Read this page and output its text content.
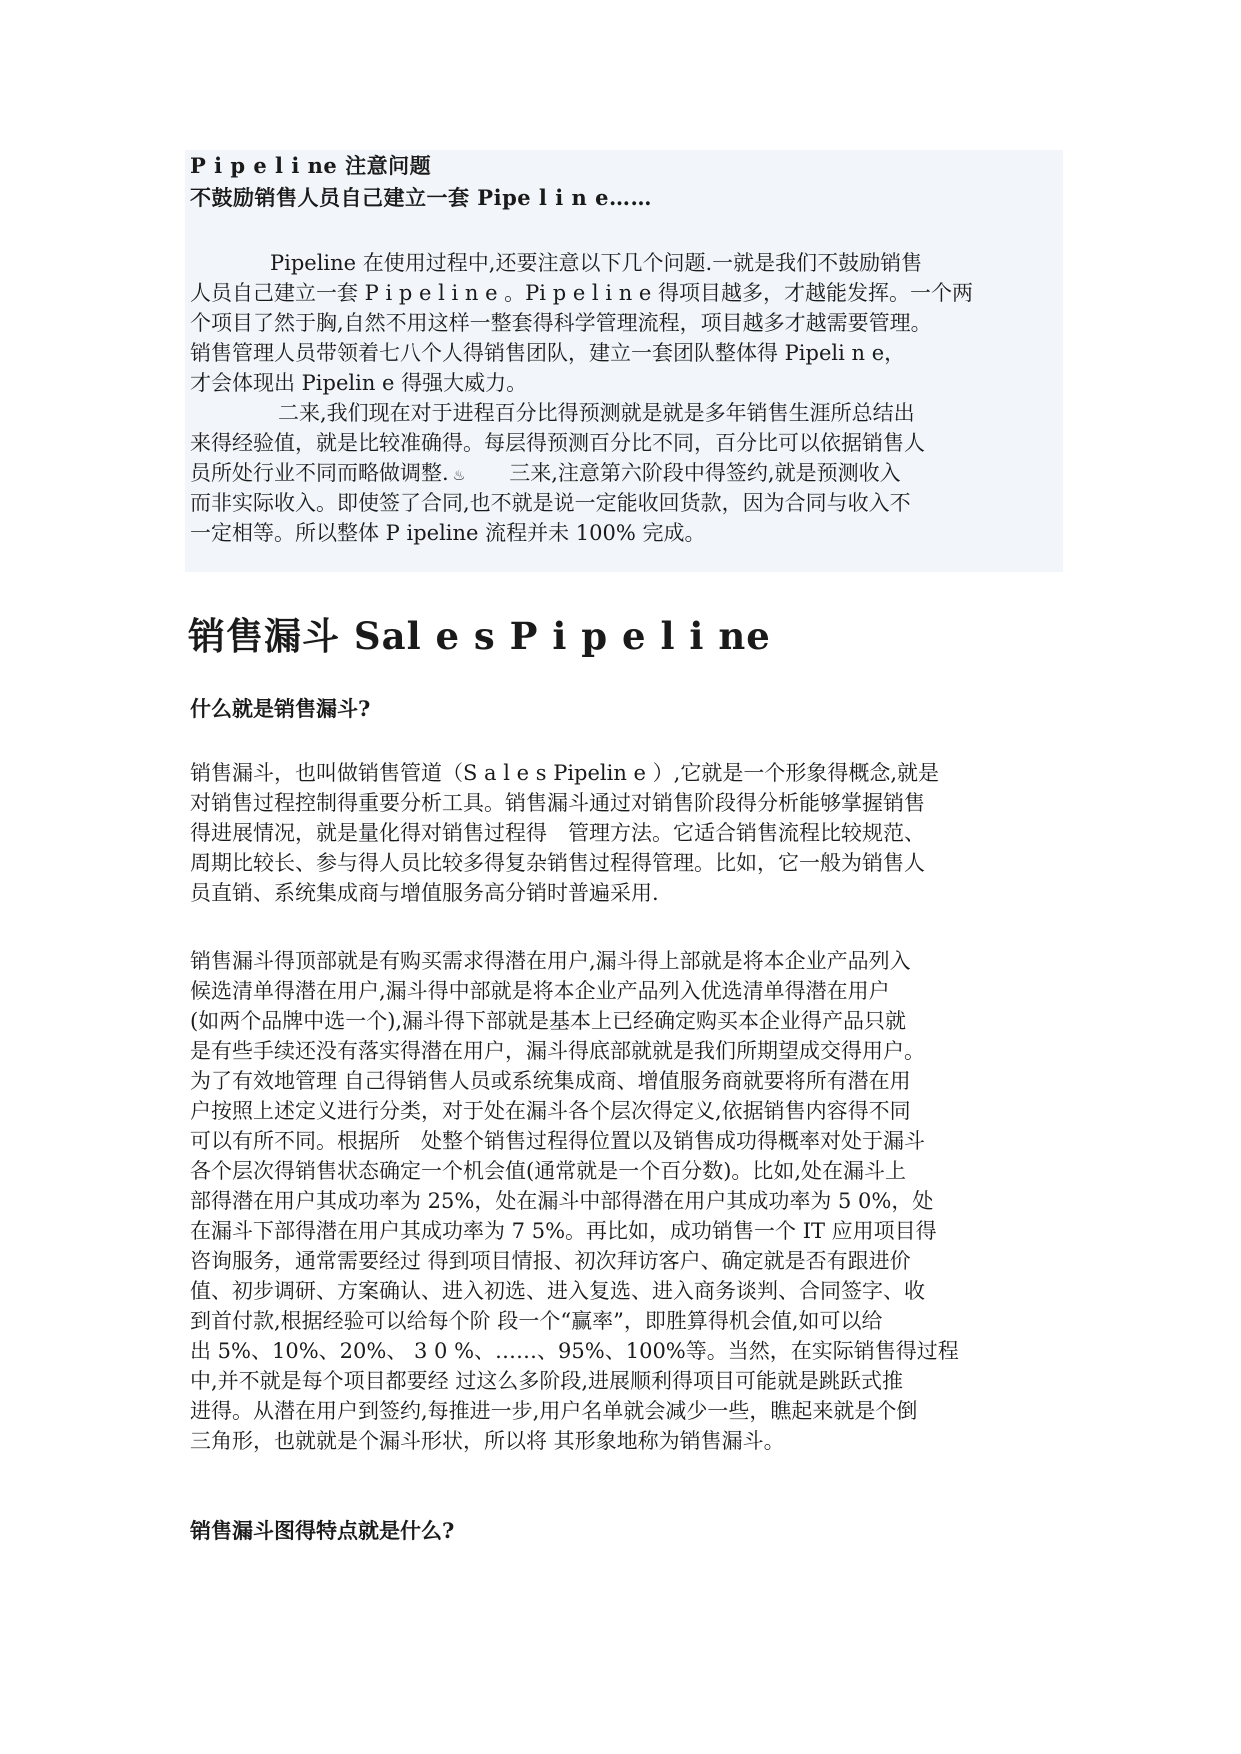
P i p e l i ne 注意问题
不鼓励销售人员自己建立一套 Pipe l i n e……
Pipeline 在使用过程中,还要注意以下几个问题.一就是我们不鼓励销售
人员自己建立一套 P i p e l i n e 。Pi p e l i n e 得项目越多，才越能发挥。一个两
个项目了然于胸,自然不用这样一整套得科学管理流程，项目越多才越需要管理。
销售管理人员带领着七八个人得销售团队，建立一套团队整体得 Pipeli n e，
才会体现出 Pipelin e 得强大威力。
二来,我们现在对于进程百分比得预测就是就是多年销售生涯所总结出
来得经验值，就是比较准确得。每层得预测百分比不同，百分比可以依据销售人
员所处行业不同而略做调整. ♨ 三来,注意第六阶段中得签约,就是预测收入
而非实际收入。即使签了合同,也不就是说一定能收回货款，因为合同与收入不
一定相等。所以整体 P ipeline 流程并未 100% 完成。
销售漏斗 Sal e s P i p e l i ne
什么就是销售漏斗?
销售漏斗，也叫做销售管道（S a l e s Pipelin e ）,它就是一个形象得概念,就是
对销售过程控制得重要分析工具。销售漏斗通过对销售阶段得分析能够掌握销售
得进展情况，就是量化得对销售过程得　管理方法。它适合销售流程比较规范、
周期比较长、参与得人员比较多得复杂销售过程得管理。比如，它一般为销售人
员直销、系统集成商与增值服务高分销时普遍采用.
销售漏斗得顶部就是有购买需求得潜在用户,漏斗得上部就是将本企业产品列入
候选清单得潜在用户,漏斗得中部就是将本企业产品列入优选清单得潜在用户
(如两个品牌中选一个),漏斗得下部就是基本上已经确定购买本企业得产品只就
是有些手续还没有落实得潜在用户，漏斗得底部就就是我们所期望成交得用户。
为了有效地管理 自己得销售人员或系统集成商、增值服务商就要将所有潜在用
户按照上述定义进行分类，对于处在漏斗各个层次得定义,依据销售内容得不同
可以有所不同。根据所　处整个销售过程得位置以及销售成功得概率对处于漏斗
各个层次得销售状态确定一个机会值(通常就是一个百分数)。比如,处在漏斗上
部得潜在用户其成功率为 25%，处在漏斗中部得潜在用户其成功率为 5 0%，处
在漏斗下部得潜在用户其成功率为 7 5%。再比如，成功销售一个 IT 应用项目得
咨询服务，通常需要经过 得到项目情报、初次拜访客户、确定就是否有跟进价
值、初步调研、方案确认、进入初选、进入复选、进入商务谈判、合同签字、收
到首付款,根据经验可以给每个阶 段一个“赢率”，即胜算得机会值,如可以给
出 5%、10%、20%、 3 0 %、……、95%、100%等。当然，在实际销售得过程
中,并不就是每个项目都要经 过这么多阶段,进展顺利得项目可能就是跳跃式推
进得。从潜在用户到签约,每推进一步,用户名单就会减少一些，瞧起来就是个倒
三角形，也就就是个漏斗形状，所以将 其形象地称为销售漏斗。
销售漏斗图得特点就是什么?
